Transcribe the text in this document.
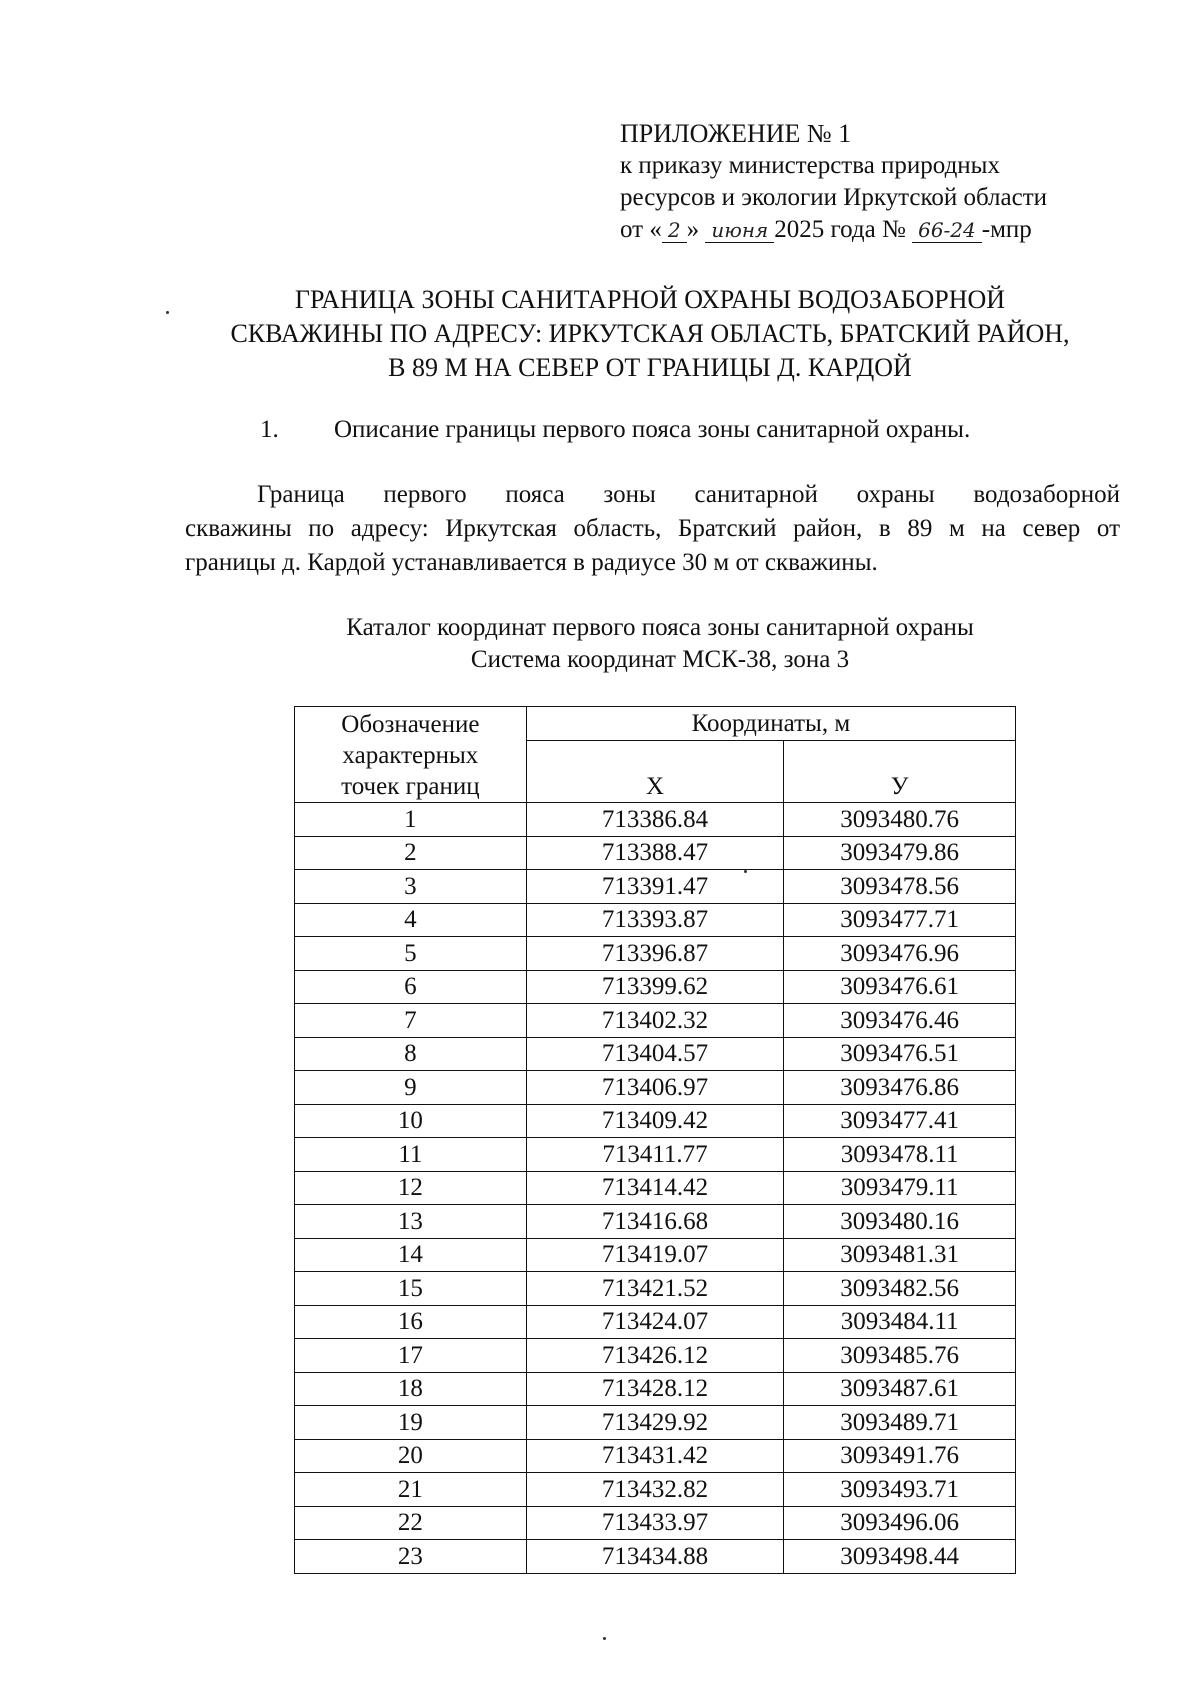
ПРИЛОЖЕНИЕ № 1
к приказу министерства природных
ресурсов и экологии Иркутской области
от « 2 » июня 2025 года № 66-24 -мпр
ГРАНИЦА ЗОНЫ САНИТАРНОЙ ОХРАНЫ ВОДОЗАБОРНОЙ
СКВАЖИНЫ ПО АДРЕСУ: ИРКУТСКАЯ ОБЛАСТЬ, БРАТСКИЙ РАЙОН,
В 89 М НА СЕВЕР ОТ ГРАНИЦЫ Д. КАРДОЙ
1. Описание границы первого пояса зоны санитарной охраны.
Граница первого пояса зоны санитарной охраны водозаборной
скважины по адресу: Иркутская область, Братский район, в 89 м на север от
границы д. Кардой устанавливается в радиусе 30 м от скважины.
Каталог координат первого пояса зоны санитарной охраны
Система координат МСК-38, зона 3
Обозначение
характерных
точек границ	Координаты, м	
	Х	У
1	713386.84	3093480.76
2	713388.47	3093479.86
3	713391.47	3093478.56
4	713393.87	3093477.71
5	713396.87	3093476.96
6	713399.62	3093476.61
7	713402.32	3093476.46
8	713404.57	3093476.51
9	713406.97	3093476.86
10	713409.42	3093477.41
11	713411.77	3093478.11
12	713414.42	3093479.11
13	713416.68	3093480.16
14	713419.07	3093481.31
15	713421.52	3093482.56
16	713424.07	3093484.11
17	713426.12	3093485.76
18	713428.12	3093487.61
19	713429.92	3093489.71
20	713431.42	3093491.76
21	713432.82	3093493.71
22	713433.97	3093496.06
23	713434.88	3093498.44
